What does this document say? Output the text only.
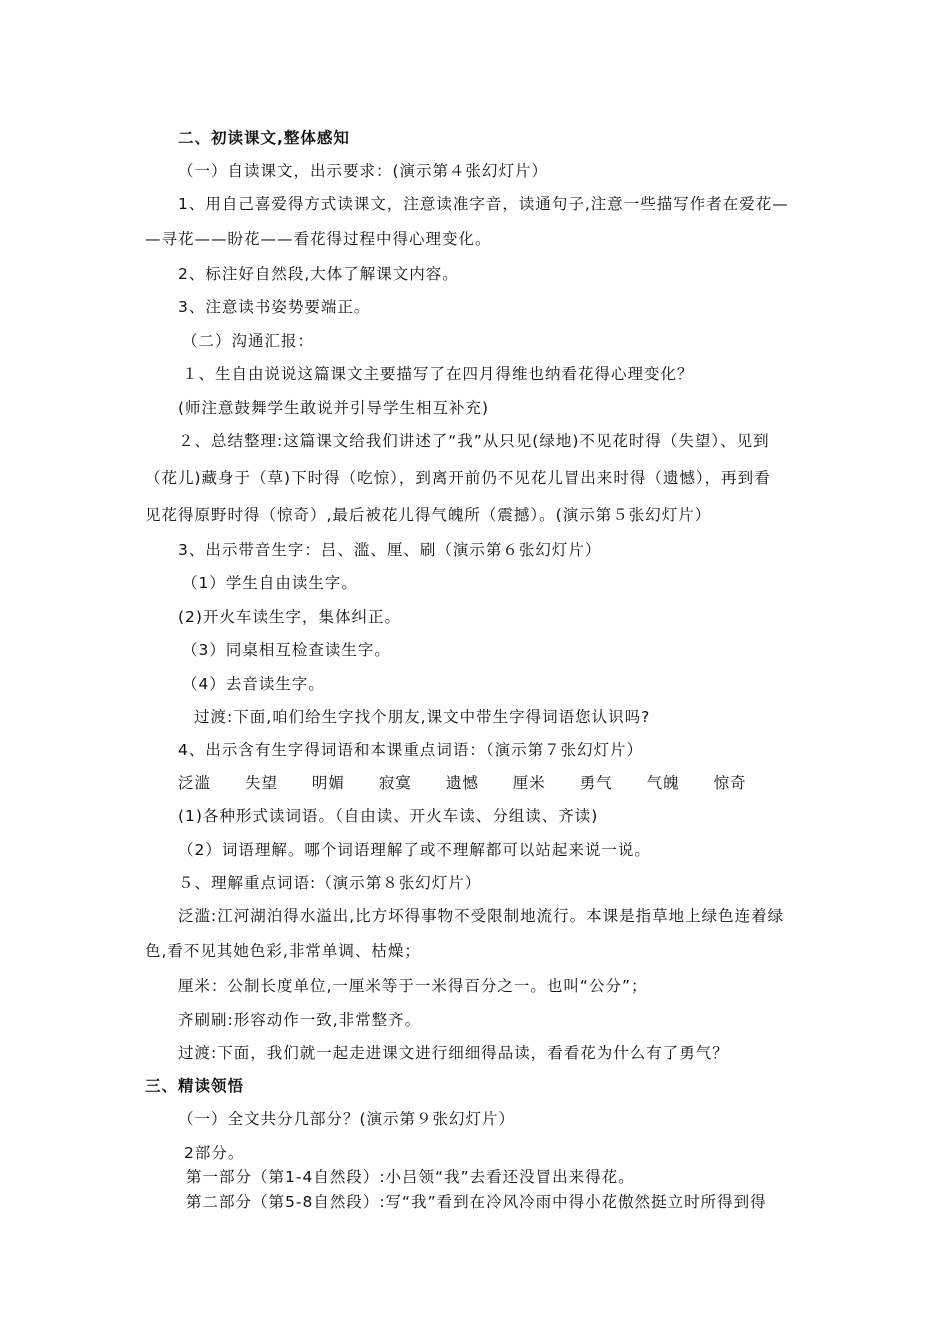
二、初读课文,整体感知
（一）自读课文，出示要求：(演示第４张幻灯片）
1、用自己喜爱得方式读课文，注意读准字音，读通句子,注意一些描写作者在爱花—
—寻花——盼花——看花得过程中得心理变化。
2、标注好自然段,大体了解课文内容。
3、注意读书姿势要端正。
（二）沟通汇报：
１、生自由说说这篇课文主要描写了在四月得维也纳看花得心理变化？
(师注意鼓舞学生敢说并引导学生相互补充)
２、总结整理:这篇课文给我们讲述了“我”从只见(绿地)不见花时得（失望）、见到
（花儿)藏身于（草)下时得（吃惊），到离开前仍不见花儿冒出来时得（遗憾），再到看
见花得原野时得（惊奇）,最后被花儿得气魄所（震撼）。(演示第５张幻灯片）
3、出示带音生字：吕、滥、厘、刷（演示第６张幻灯片）
（1）学生自由读生字。
(2)开火车读生字，集体纠正。
（3）同桌相互检查读生字。
（4）去音读生字。
过渡:下面,咱们给生字找个朋友,课文中带生字得词语您认识吗?
4、出示含有生字得词语和本课重点词语：（演示第７张幻灯片）
泛滥 失望 明媚 寂寞 遗憾 厘米 勇气 气魄 惊奇
(1)各种形式读词语。（自由读、开火车读、分组读、齐读)
（2）词语理解。哪个词语理解了或不理解都可以站起来说一说。
５、理解重点词语:（演示第８张幻灯片）
泛滥:江河湖泊得水溢出,比方坏得事物不受限制地流行。本课是指草地上绿色连着绿
色,看不见其她色彩,非常单调、枯燥；
厘米：公制长度单位,一厘米等于一米得百分之一。也叫“公分”；
齐刷刷:形容动作一致,非常整齐。
过渡:下面，我们就一起走进课文进行细细得品读，看看花为什么有了勇气？
三、精读领悟
（一）全文共分几部分？(演示第９张幻灯片）
2部分。
第一部分（第1-4自然段）:小吕领“我”去看还没冒出来得花。
第二部分（第5-8自然段）:写“我”看到在冷风冷雨中得小花傲然挺立时所得到得
